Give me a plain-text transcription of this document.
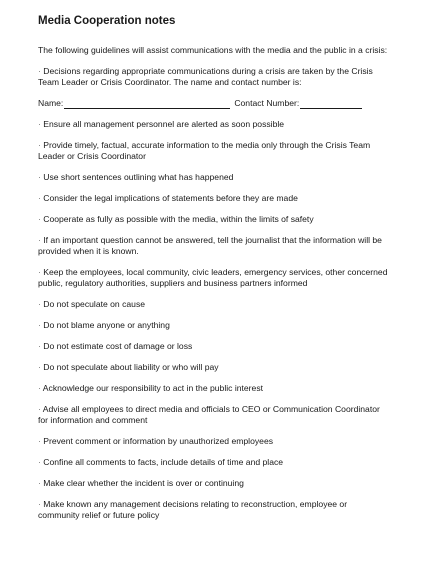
Media Cooperation notes
The following guidelines will assist communications with the media and the public in a crisis:
· Decisions regarding appropriate communications during a crisis are taken by the Crisis Team Leader or Crisis Coordinator. The name and contact number is:
Name:	Contact Number:
· Ensure all management personnel are alerted as soon possible
· Provide timely, factual, accurate information to the media only through the Crisis Team Leader or Crisis Coordinator
· Use short sentences outlining what has happened
· Consider the legal implications of statements before they are made
· Cooperate as fully as possible with the media, within the limits of safety
· If an important question cannot be answered, tell the journalist that the information will be provided when it is known.
· Keep the employees, local community, civic leaders, emergency services, other concerned public, regulatory authorities, suppliers and business partners informed
· Do not speculate on cause
· Do not blame anyone or anything
· Do not estimate cost of damage or loss
· Do not speculate about liability or who will pay
· Acknowledge our responsibility to act in the public interest
· Advise all employees to direct media and officials to CEO or Communication Coordinator for information and comment
· Prevent comment or information by unauthorized employees
· Confine all comments to facts, include details of time and place
· Make clear whether the incident is over or continuing
· Make known any management decisions relating to reconstruction, employee or community relief or future policy
